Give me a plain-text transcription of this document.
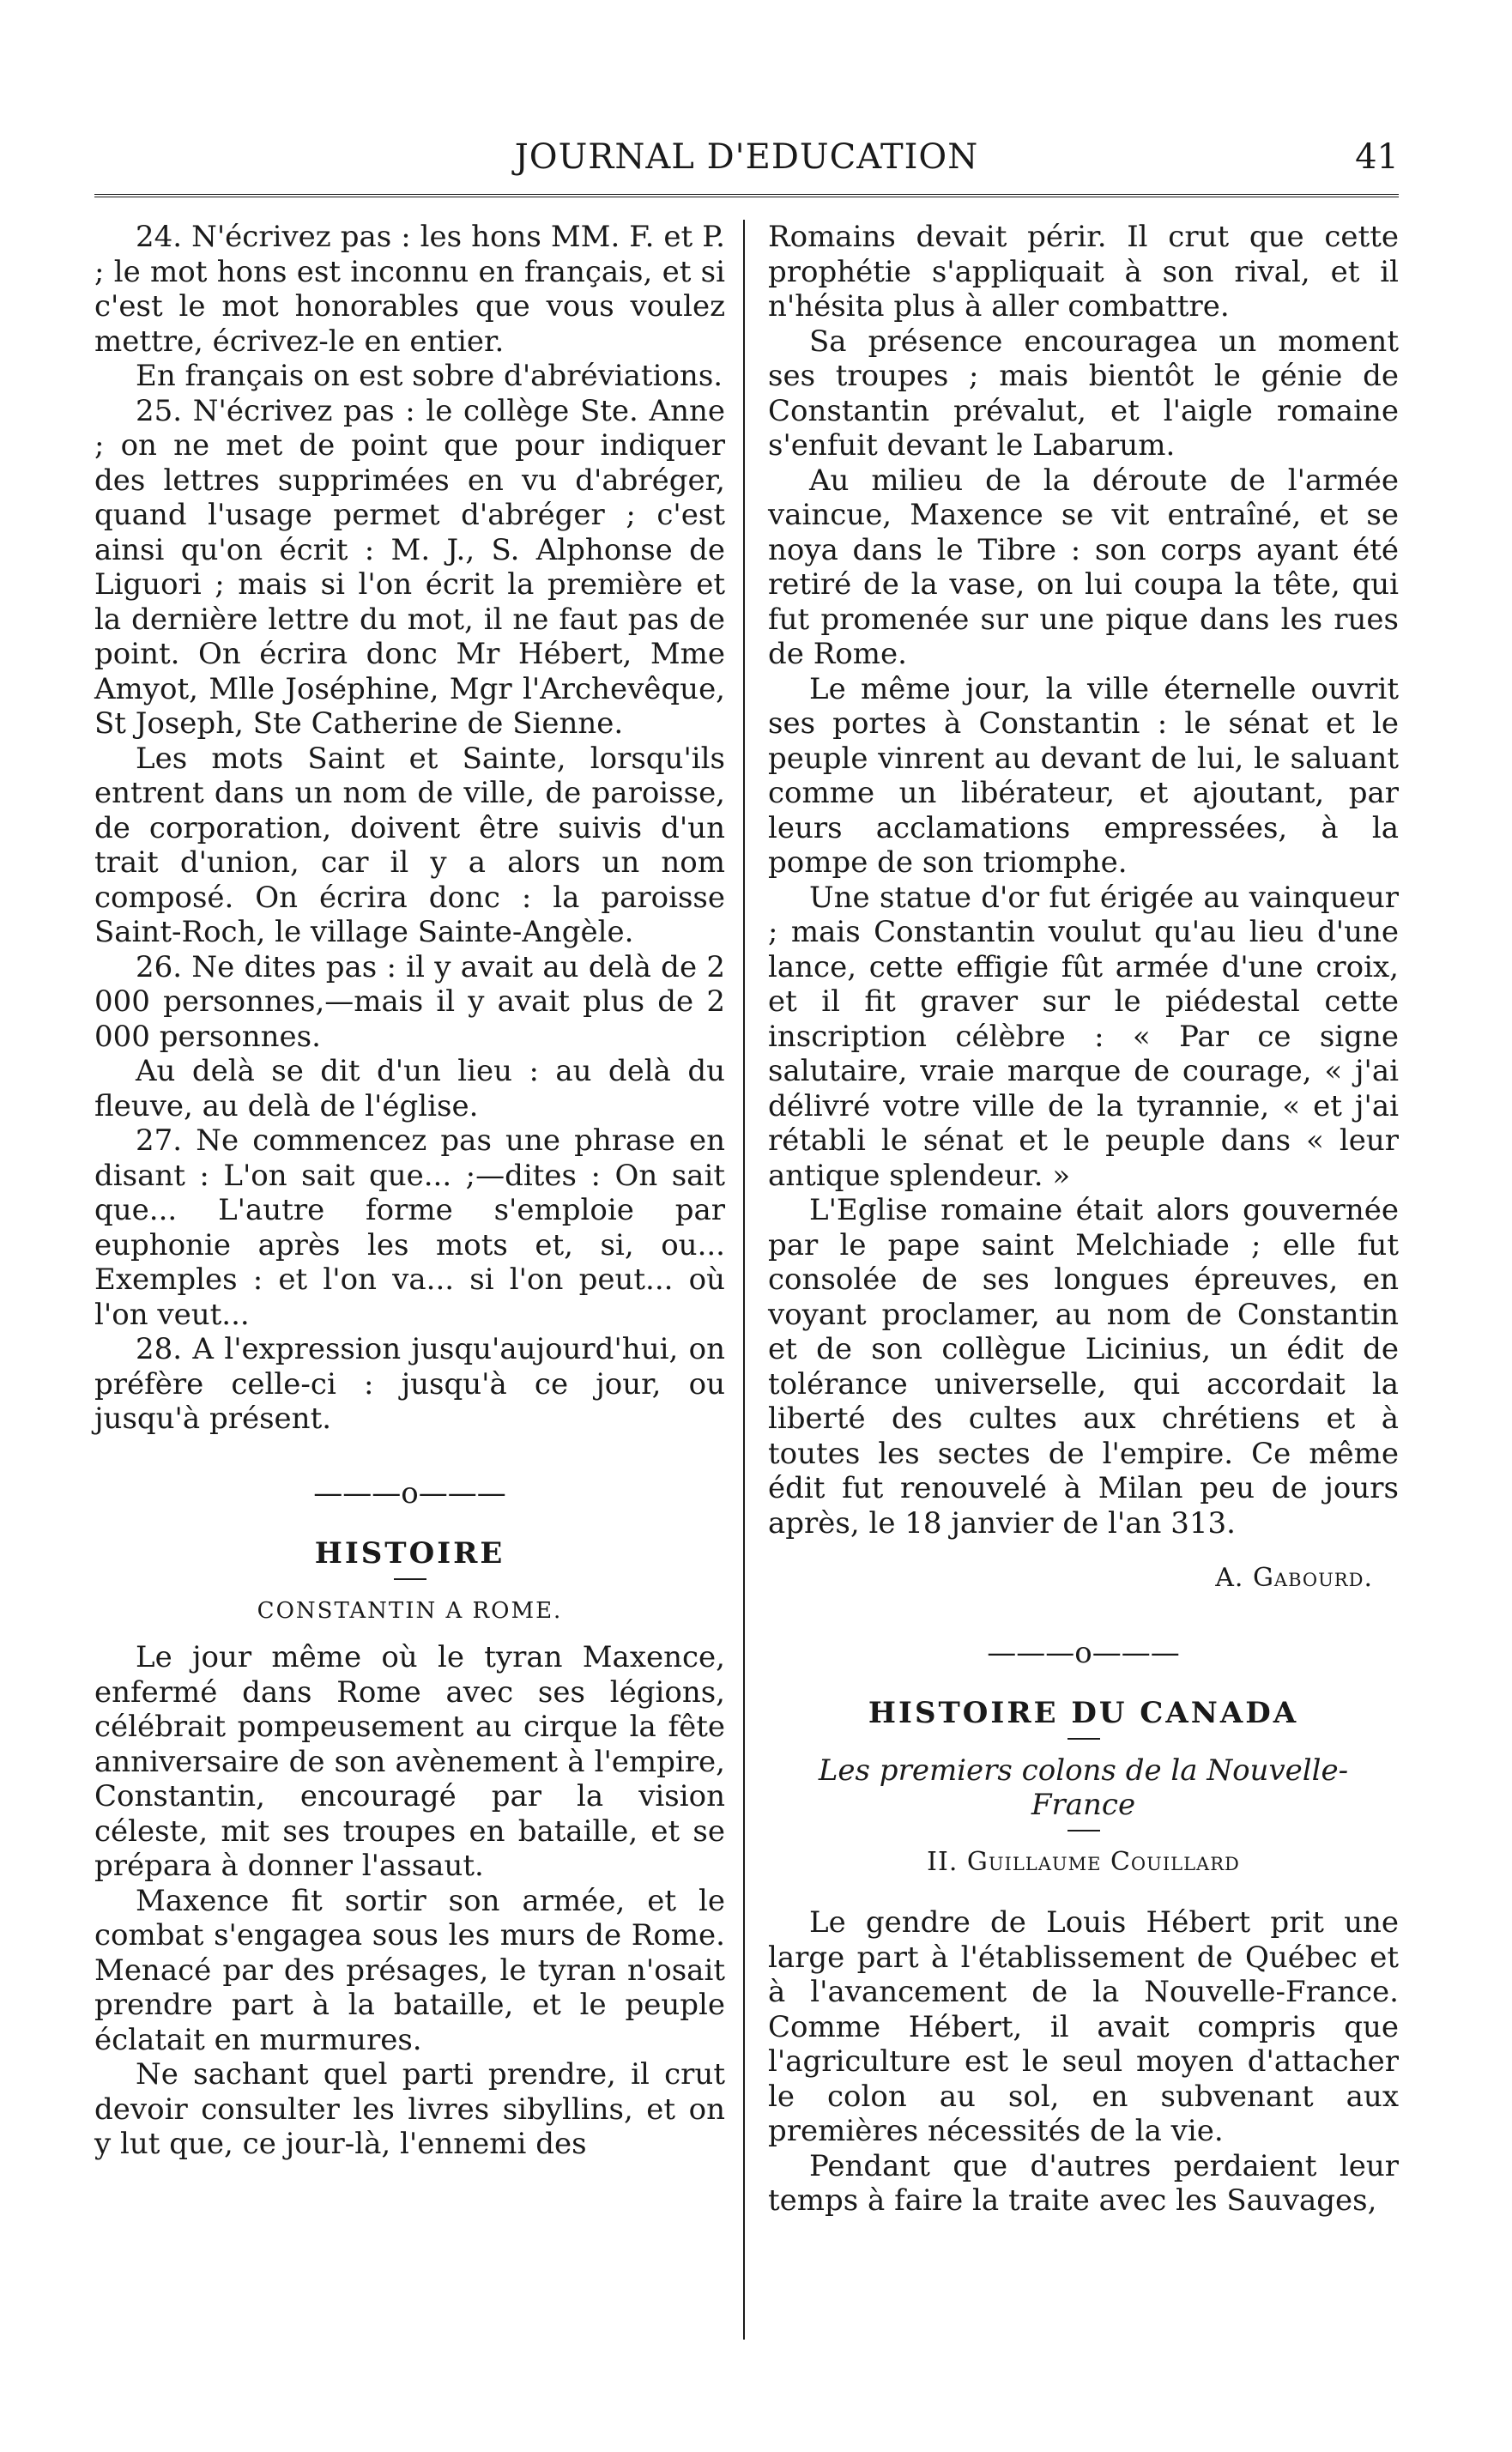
JOURNAL D'EDUCATION	41

24. N'écrivez pas : les hons MM. F. et P. ; le mot hons est inconnu en français, et si c'est le mot honorables que vous voulez mettre, écrivez-le en entier.

En français on est sobre d'abréviations.

25. N'écrivez pas : le collège Ste. Anne ; on ne met de point que pour indiquer des lettres supprimées en vu d'abréger, quand l'usage permet d'abréger ; c'est ainsi qu'on écrit : M. J., S. Alphonse de Liguori ; mais si l'on écrit la première et la dernière lettre du mot, il ne faut pas de point. On écrira donc Mr Hébert, Mme Amyot, Mlle Joséphine, Mgr l'Archevêque, St Joseph, Ste Catherine de Sienne.

Les mots Saint et Sainte, lorsqu'ils entrent dans un nom de ville, de paroisse, de corporation, doivent être suivis d'un trait d'union, car il y a alors un nom composé. On écrira donc : la paroisse Saint-Roch, le village Sainte-Angèle.

26. Ne dites pas : il y avait au delà de 2 000 personnes,—mais il y avait plus de 2 000 personnes.

Au delà se dit d'un lieu : au delà du fleuve, au delà de l'église.

27. Ne commencez pas une phrase en disant : L'on sait que... ;—dites : On sait que... L'autre forme s'emploie par euphonie après les mots et, si, ou... Exemples : et l'on va... si l'on peut... où l'on veut...

28. A l'expression jusqu'aujourd'hui, on préfère celle-ci : jusqu'à ce jour, ou jusqu'à présent.

———o———
HISTOIRE
CONSTANTIN A ROME.

Le jour même où le tyran Maxence, enfermé dans Rome avec ses légions, célébrait pompeusement au cirque la fête anniversaire de son avènement à l'empire, Constantin, encouragé par la vision céleste, mit ses troupes en bataille, et se prépara à donner l'assaut.

Maxence fit sortir son armée, et le combat s'engagea sous les murs de Rome. Menacé par des présages, le tyran n'osait prendre part à la bataille, et le peuple éclatait en murmures.

Ne sachant quel parti prendre, il crut devoir consulter les livres sibyllins, et on y lut que, ce jour-là, l'ennemi des

Romains devait périr. Il crut que cette prophétie s'appliquait à son rival, et il n'hésita plus à aller combattre.

Sa présence encouragea un moment ses troupes ; mais bientôt le génie de Constantin prévalut, et l'aigle romaine s'enfuit devant le Labarum.

Au milieu de la déroute de l'armée vaincue, Maxence se vit entraîné, et se noya dans le Tibre : son corps ayant été retiré de la vase, on lui coupa la tête, qui fut promenée sur une pique dans les rues de Rome.

Le même jour, la ville éternelle ouvrit ses portes à Constantin : le sénat et le peuple vinrent au devant de lui, le saluant comme un libérateur, et ajoutant, par leurs acclamations empressées, à la pompe de son triomphe.

Une statue d'or fut érigée au vainqueur ; mais Constantin voulut qu'au lieu d'une lance, cette effigie fût armée d'une croix, et il fit graver sur le piédestal cette inscription célèbre : « Par ce signe salutaire, vraie marque de courage, « j'ai délivré votre ville de la tyrannie, « et j'ai rétabli le sénat et le peuple dans « leur antique splendeur. »

L'Eglise romaine était alors gouvernée par le pape saint Melchiade ; elle fut consolée de ses longues épreuves, en voyant proclamer, au nom de Constantin et de son collègue Licinius, un édit de tolérance universelle, qui accordait la liberté des cultes aux chrétiens et à toutes les sectes de l'empire. Ce même édit fut renouvelé à Milan peu de jours après, le 18 janvier de l'an 313.

A. Gabourd.
———o———
HISTOIRE DU CANADA
Les premiers colons de la Nouvelle-France
II. Guillaume Couillard

Le gendre de Louis Hébert prit une large part à l'établissement de Québec et à l'avancement de la Nouvelle-France. Comme Hébert, il avait compris que l'agriculture est le seul moyen d'attacher le colon au sol, en subvenant aux premières nécessités de la vie.

Pendant que d'autres perdaient leur temps à faire la traite avec les Sauvages,
